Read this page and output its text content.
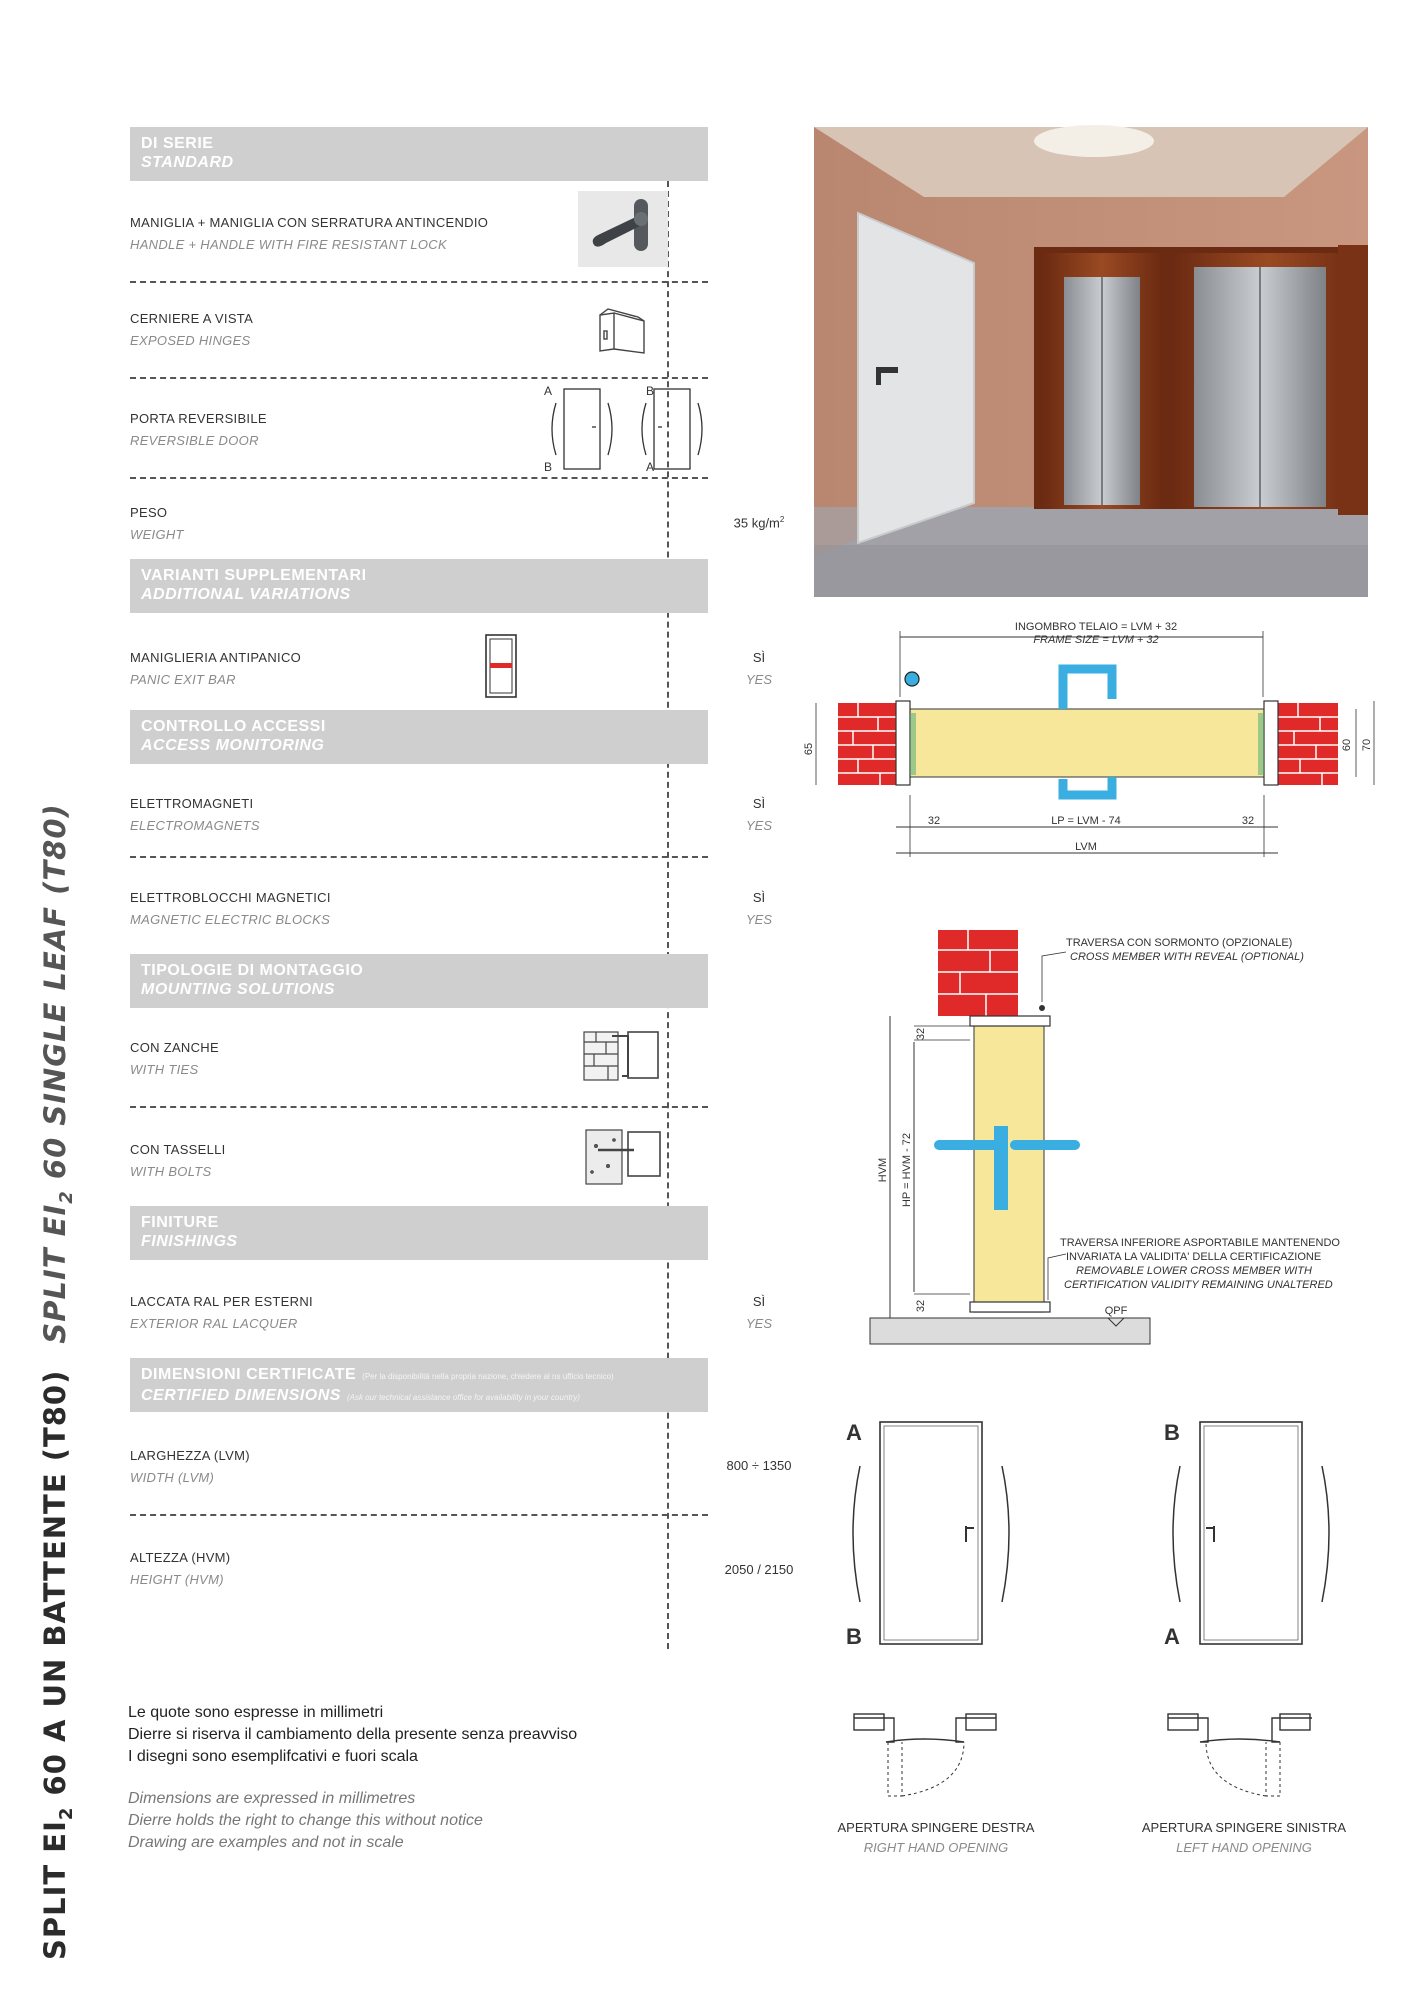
SPLIT $EI_2$ 60 A UN BATTENTE (T80)SPLIT $EI_2$ 60 SINGLE LEAF (T80)
DI SERIE
STANDARD
MANIGLIA + MANIGLIA CON SERRATURA ANTINCENDIO
HANDLE + HANDLE WITH FIRE RESISTANT LOCK
CERNIERE A VISTA
EXPOSED HINGES
PORTA REVERSIBILE
REVERSIBLE DOOR
A
B
B
A
PESO
WEIGHT
35 $kg/m^2$
VARIANTI SUPPLEMENTARI
ADDITIONAL VARIATIONS
MANIGLIERIA ANTIPANICO
PANIC EXIT BAR
SÌ
YES
CONTROLLO ACCESSI
ACCESS MONITORING
ELETTROMAGNETI
ELECTROMAGNETS
SÌ
YES
ELETTROBLOCCHI MAGNETICI
MAGNETIC ELECTRIC BLOCKS
SÌ
YES
TIPOLOGIE DI MONTAGGIO
MOUNTING SOLUTIONS
CON ZANCHE
WITH TIES
CON TASSELLI
WITH BOLTS
FINITURE
FINISHINGS
LACCATA RAL PER ESTERNI
EXTERIOR RAL LACQUER
SÌ
YES
DIMENSIONI CERTIFICATE (Per la disponibilità nella propria nazione, chiedere al ns ufficio tecnico)
CERTIFIED DIMENSIONS (Ask our technical assistance office for availability in your country)
LARGHEZZA (LVM)
WIDTH (LVM)
800 ÷ 1350
ALTEZZA (HVM)
HEIGHT (HVM)
2050 / 2150
Le quote sono espresse in millimetri
Dierre si riserva il cambiamento della presente senza preavviso
I disegni sono esemplifcativi e fuori scala
Dimensions are expressed in millimetres
Dierre holds the right to change this without notice
Drawing are examples and not in scale
INGOMBRO TELAIO = LVM + 32
FRAME SIZE = LVM + 32
65	60 70
32	32
LP = LVM - 74
LVM
TRAVERSA CON SORMONTO (OPZIONALE)
CROSS MEMBER WITH REVEAL (OPTIONAL)
HVM HP = HVM - 72
32
32
TRAVERSA INFERIORE ASPORTABILE MANTENENDO
INVARIATA LA VALIDITA' DELLA CERTIFICAZIONE
REMOVABLE LOWER CROSS MEMBER WITH
CERTIFICATION VALIDITY REMAINING UNALTERED
QPF
A
B
B
A
APERTURA SPINGERE DESTRA
RIGHT HAND OPENING
APERTURA SPINGERE SINISTRA
LEFT HAND OPENING
